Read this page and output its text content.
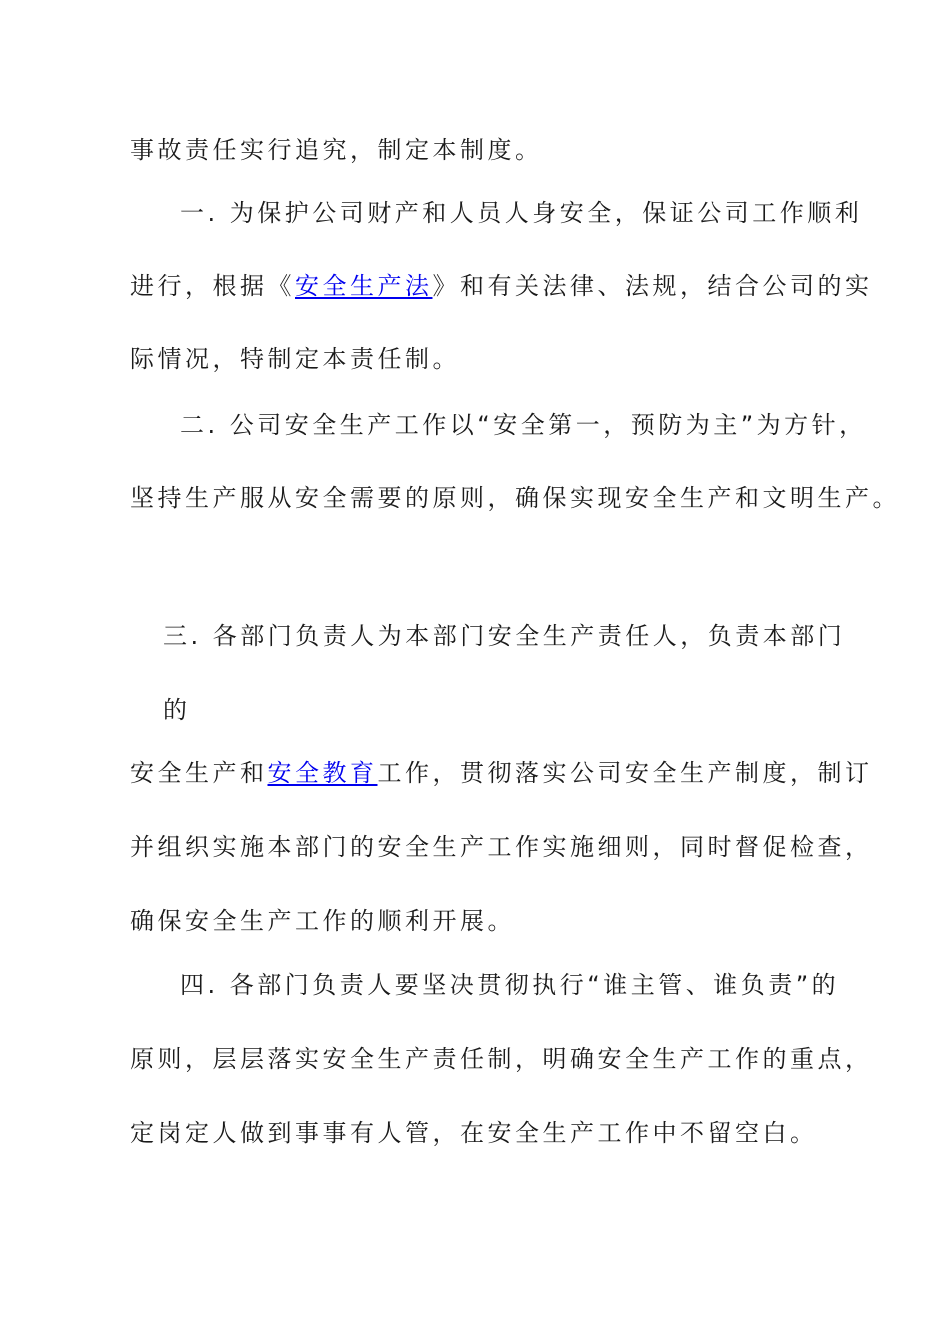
事故责任实行追究，制定本制度。
一. 为保护公司财产和人员人身安全，保证公司工作顺利
进行，根据《安全生产法》和有关法律、法规，结合公司的实
际情况，特制定本责任制。
二. 公司安全生产工作以“安全第一，预防为主”为方针，
坚持生产服从安全需要的原则，确保实现安全生产和文明生产。
三. 各部门负责人为本部门安全生产责任人，负责本部门
的
安全生产和安全教育工作，贯彻落实公司安全生产制度，制订
并组织实施本部门的安全生产工作实施细则，同时督促检查，
确保安全生产工作的顺利开展。
四. 各部门负责人要坚决贯彻执行“谁主管、谁负责”的
原则，层层落实安全生产责任制，明确安全生产工作的重点，
定岗定人做到事事有人管，在安全生产工作中不留空白。
